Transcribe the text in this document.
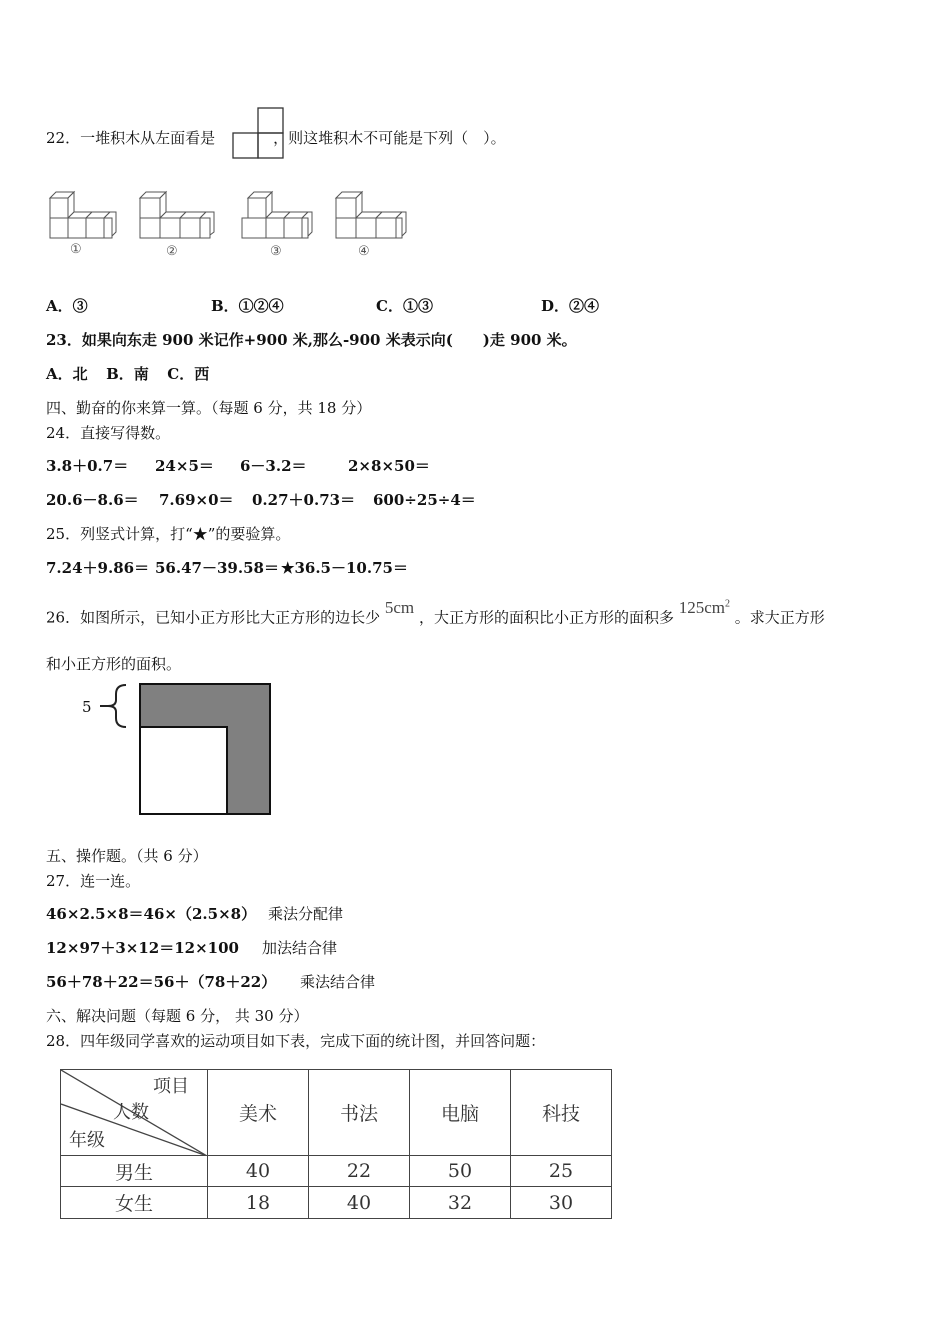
22．一堆积木从左面看是	，则这堆积木不可能是下列（　）。
①	②	③	④
A．③	B．①②④	C．①③	D．②④
23．如果向东走 900 米记作+900 米,那么-900 米表示向(　　)走 900 米。
A．北 B．南 C．西
四、勤奋的你来算一算。（每题 6 分，共 18 分）
24．直接写得数。
3.8＋0.7＝ 24×5＝ 6－3.2＝	2×8×50＝
20.6－8.6＝ 7.69×0＝ 0.27＋0.73＝ 600÷25÷4＝
25．列竖式计算，打“★”的要验算。
7.24＋9.86＝ 56.47－39.58＝ ★36.5－10.75＝
26．如图所示，已知小正方形比大正方形的边长少 5cm ，大正方形的面积比小正方形的面积多 $125cm^2$ 。求大正方形
和小正方形的面积。
5
五、操作题。（共 6 分）
27．连一连。
46×2.5×8＝46×（2.5×8） 乘法分配律
12×97＋3×12＝12×100 加法结合律
56＋78＋22＝56＋（78＋22） 乘法结合律
六、解决问题（每题 6 分， 共 30 分）
28．四年级同学喜欢的运动项目如下表，完成下面的统计图，并回答问题：
项目
人数
年级	美术	书法	电脑	科技
男生	40	22	50	25
女生	18	40	32	30
